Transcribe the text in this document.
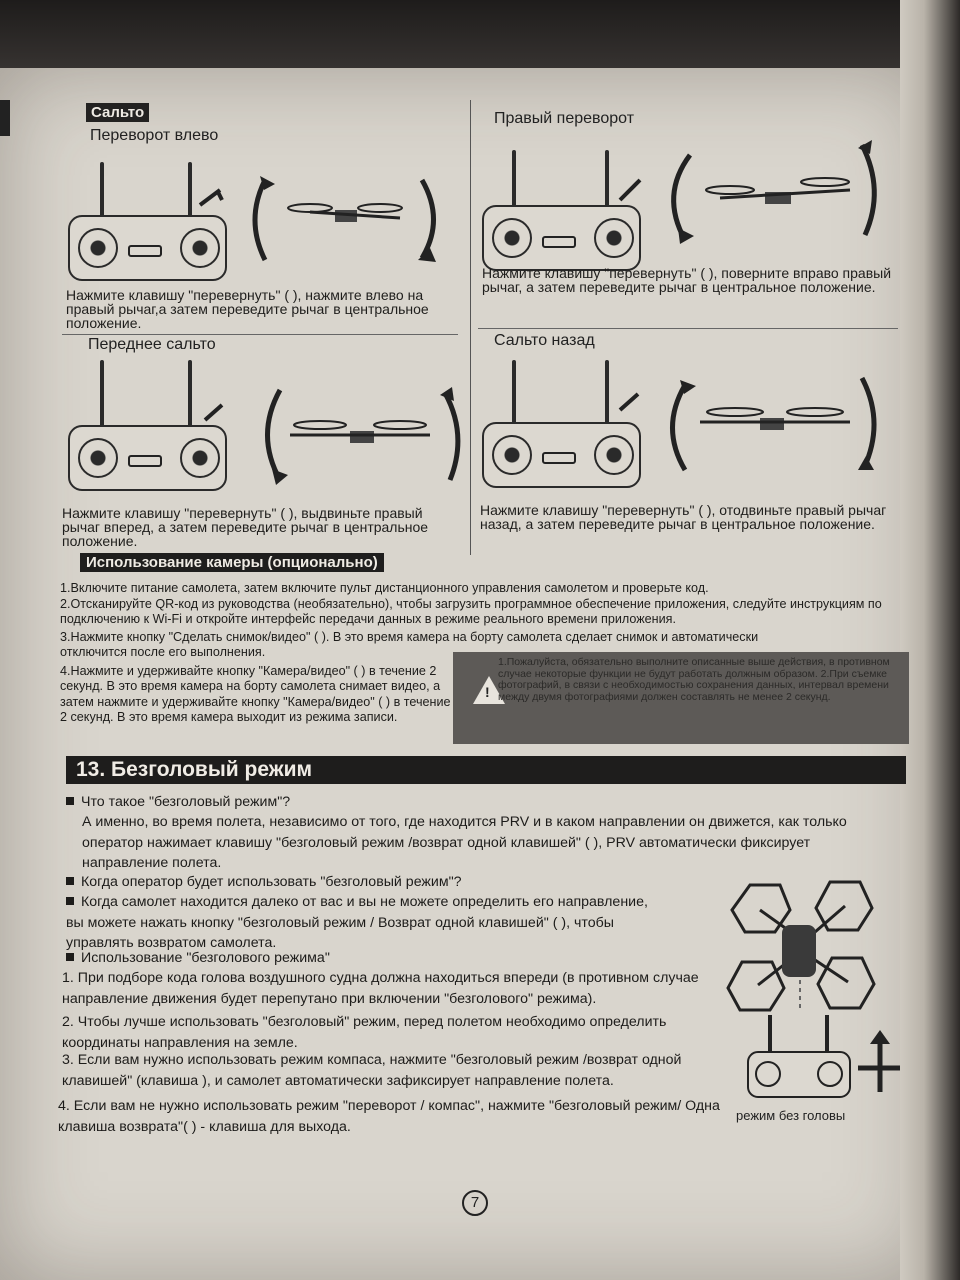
Сальто
Переворот влево
Нажмите клавишу "перевернуть" ( ), нажмите влево на правый рычаг,а затем переведите рычаг в центральное положение.
Правый переворот
Нажмите клавишу "перевернуть" ( ), поверните вправо правый рычаг, а затем переведите рычаг в центральное положение.
Переднее сальто
Нажмите клавишу "перевернуть" ( ), выдвиньте правый рычаг вперед, а затем переведите рычаг в центральное положение.
Сальто назад
Нажмите клавишу "перевернуть" ( ), отодвиньте правый рычаг назад, а затем переведите рычаг в центральное положение.
Использование камеры (опционально)
1.Включите питание самолета, затем включите пульт дистанционного управления самолетом и проверьте код.
2.Отсканируйте QR-код из руководства (необязательно), чтобы загрузить программное обеспечение приложения, следуйте инструкциям по подключению к Wi-Fi и откройте интерфейс передачи данных в режиме реального времени приложения.
3.Нажмите кнопку "Сделать снимок/видео" ( ). В это время камера на борту самолета сделает снимок и автоматически отключится после его выполнения.
4.Нажмите и удерживайте кнопку "Камера/видео" ( ) в течение 2 секунд. В это время камера на борту самолета снимает видео, а затем нажмите и удерживайте кнопку "Камера/видео" ( ) в течение 2 секунд. В это время камера выходит из режима записи.
!
1.Пожалуйста, обязательно выполните описанные выше действия, в противном случае некоторые функции не будут работать должным образом. 2.При съемке фотографий, в связи с необходимостью сохранения данных, интервал времени между двумя фотографиями должен составлять не менее 2 секунд.
13. Безголовый режим
Что такое "безголовый режим"?
А именно, во время полета, независимо от того, где находится PRV и в каком направлении он движется, как только оператор нажимает клавишу "безголовый режим /возврат одной клавишей" ( ), PRV автоматически фиксирует направление полета.
Когда оператор будет использовать "безголовый режим"?
Когда самолет находится далеко от вас и вы не можете определить его направление, вы можете нажать кнопку "безголовый режим / Возврат одной клавишей" ( ), чтобы управлять возвратом самолета.
Использование "безголового режима"
1. При подборе кода голова воздушного судна должна находиться впереди (в противном случае направление движения будет перепутано при включении "безголового" режима).
2. Чтобы лучше использовать "безголовый" режим, перед полетом необходимо определить координаты направления на земле.
3. Если вам нужно использовать режим компаса, нажмите "безголовый режим /возврат одной клавишей" (клавиша ), и самолет автоматически зафиксирует направление полета.
4. Если вам не нужно использовать режим "переворот / компас", нажмите "безголовый режим/ Одна клавиша возврата"( ) - клавиша для выхода.
режим без головы
7
